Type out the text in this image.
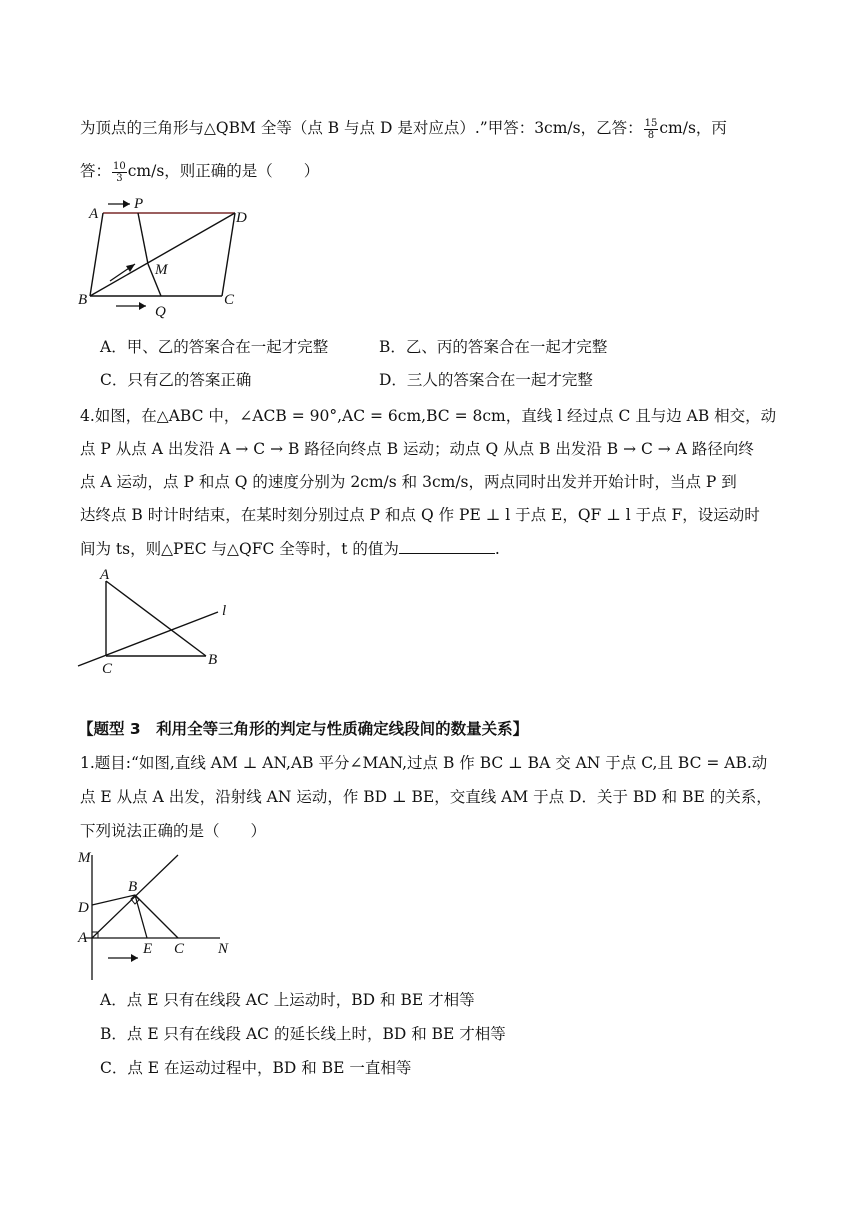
为顶点的三角形与△QBM 全等（点 B 与点 D 是对应点）.”甲答：3cm/s，乙答： $\frac{15}{8} cm/s$，丙
答： $\frac{10}{3} cm/s$，则正确的是（　　）
A
P
D
M
B
Q
C
A．甲、乙的答案合在一起才完整	B．乙、丙的答案合在一起才完整
C．只有乙的答案正确	D．三人的答案合在一起才完整
4.如图，在△ABC 中，∠ACB = 90°,AC = 6cm,BC = 8cm，直线 l 经过点 C 且与边 AB 相交，动
点 P 从点 A 出发沿 A → C → B 路径向终点 B 运动；动点 Q 从点 B 出发沿 B → C → A 路径向终
点 A 运动，点 P 和点 Q 的速度分别为 2cm/s 和 3cm/s，两点同时出发并开始计时，当点 P 到
达终点 B 时计时结束，在某时刻分别过点 P 和点 Q 作 PE ⊥ l 于点 E，QF ⊥ l 于点 F，设运动时
间为 ts，则△PEC 与△QFC 全等时，t 的值为	.
A
l
C
B
【题型 3　利用全等三角形的判定与性质确定线段间的数量关系】
1.题目:“如图,直线 AM ⊥ AN,AB 平分∠MAN,过点 B 作 BC ⊥ BA 交 AN 于点 C,且 BC = AB.动
点 E 从点 A 出发，沿射线 AN 运动，作 BD ⊥ BE，交直线 AM 于点 D．关于 BD 和 BE 的关系，
下列说法正确的是（　　）
M
B
D
A
E C N
A．点 E 只有在线段 AC 上运动时，BD 和 BE 才相等
B．点 E 只有在线段 AC 的延长线上时，BD 和 BE 才相等
C．点 E 在运动过程中，BD 和 BE 一直相等
